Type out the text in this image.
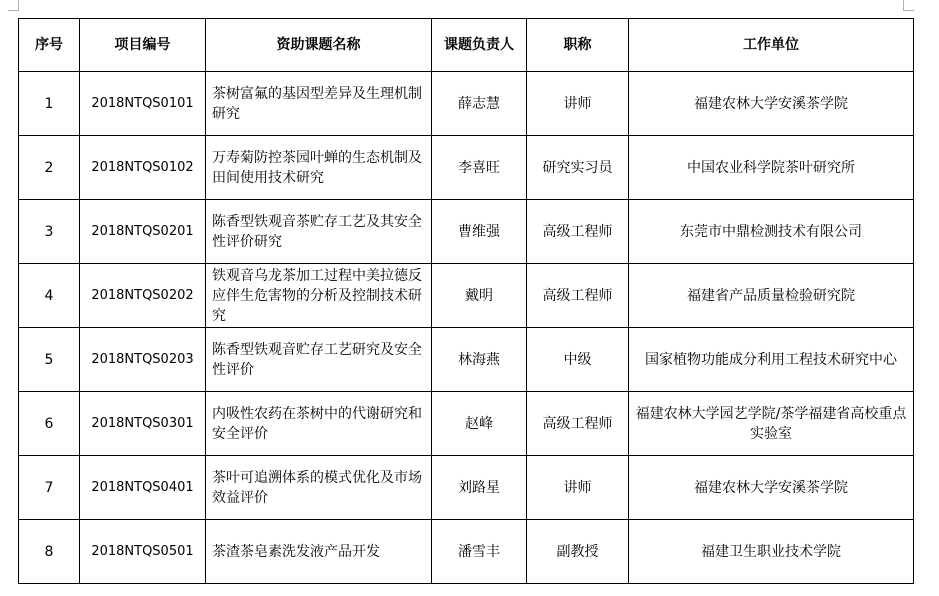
序号	项目编号	资助课题名称	课题负责人	职称	工作单位
1	2018NTQS0101	茶树富氟的基因型差异及生理机制研究	薛志慧	讲师	福建农林大学安溪茶学院
2	2018NTQS0102	万寿菊防控茶园叶蝉的生态机制及田间使用技术研究	李喜旺	研究实习员	中国农业科学院茶叶研究所
3	2018NTQS0201	陈香型铁观音茶贮存工艺及其安全性评价研究	曹维强	高级工程师	东莞市中鼎检测技术有限公司
4	2018NTQS0202	铁观音乌龙茶加工过程中美拉德反应伴生危害物的分析及控制技术研究	戴明	高级工程师	福建省产品质量检验研究院
5	2018NTQS0203	陈香型铁观音贮存工艺研究及安全性评价	林海燕	中级	国家植物功能成分利用工程技术研究中心
6	2018NTQS0301	内吸性农药在茶树中的代谢研究和安全评价	赵峰	高级工程师	福建农林大学园艺学院/茶学福建省高校重点实验室
7	2018NTQS0401	茶叶可追溯体系的模式优化及市场效益评价	刘路星	讲师	福建农林大学安溪茶学院
8	2018NTQS0501	茶渣茶皂素洗发液产品开发	潘雪丰	副教授	福建卫生职业技术学院
